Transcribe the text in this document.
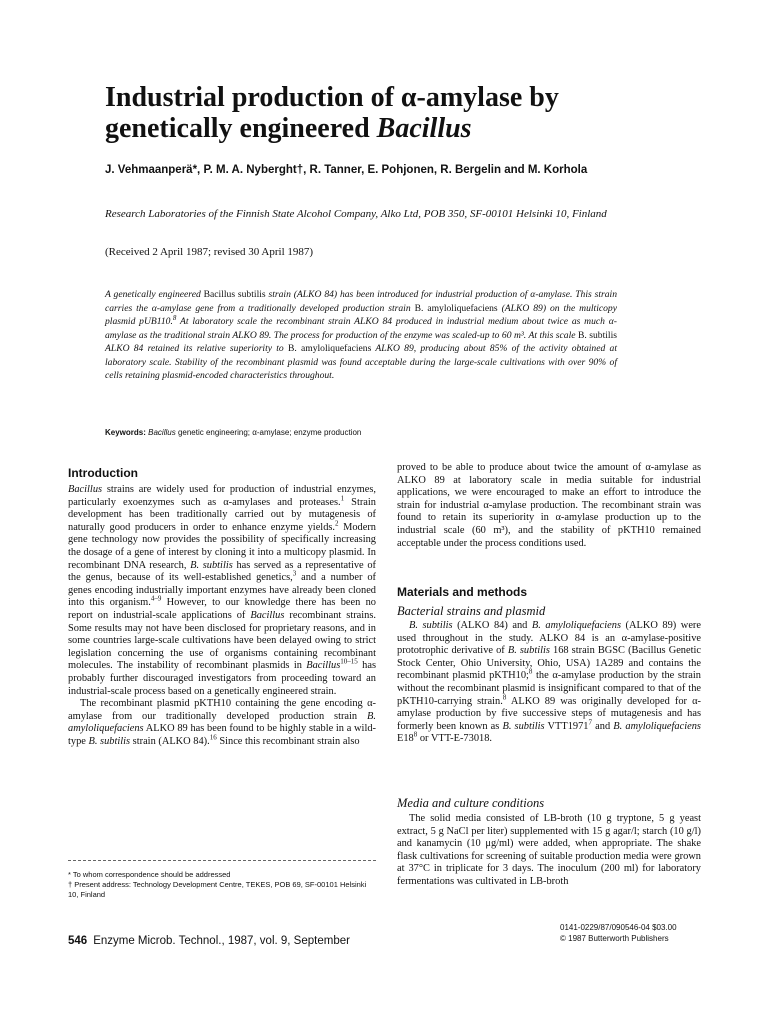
Industrial production of α-amylase by
genetically engineered Bacillus
J. Vehmaanperä*, P. M. A. Nyberght†, R. Tanner, E. Pohjonen, R. Bergelin and M. Korhola
Research Laboratories of the Finnish State Alcohol Company, Alko Ltd, POB 350, SF-00101 Helsinki 10, Finland
(Received 2 April 1987; revised 30 April 1987)

A genetically engineered Bacillus subtilis strain (ALKO 84) has been introduced for industrial production of α-amylase. This strain carries the α-amylase gene from a traditionally developed production strain B. amyloliquefaciens (ALKO 89) on the multicopy plasmid pUB110.$^8$ At laboratory scale the recombinant strain ALKO 84 produced in industrial medium about twice as much α-amylase as the traditional strain ALKO 89. The process for production of the enzyme was scaled-up to 60 m³. At this scale B. subtilis ALKO 84 retained its relative superiority to B. amyloliquefaciens ALKO 89, producing about 85% of the activity obtained at laboratory scale. Stability of the recombinant plasmid was found acceptable during the large-scale cultivations with over 90% of cells retaining plasmid-encoded characteristics throughout.

Keywords: Bacillus genetic engineering; α-amylase; enzyme production
Introduction

Bacillus strains are widely used for production of industrial enzymes, particularly exoenzymes such as α-amylases and proteases.$^1$ Strain development has been traditionally carried out by mutagenesis of naturally good producers in order to enhance enzyme yields.$^2$ Modern gene technology now provides the possibility of specifically increasing the dosage of a gene of interest by cloning it into a multicopy plasmid. In recombinant DNA research, B. subtilis has served as a representative of the genus, because of its well-established genetics,$^3$ and a number of genes encoding industrially important enzymes have already been cloned into this organism.$^{4-9}$ However, to our knowledge there has been no report on industrial-scale applications of Bacillus recombinant strains. Some results may not have been disclosed for proprietary reasons, and in some countries large-scale cultivations have been delayed owing to strict legislation concerning the use of organisms containing recombinant molecules. The instability of recombinant plasmids in Bacillus$^{10-15}$ has probably further discouraged investigators from proceeding toward an industrial-scale process based on a genetically engineered strain.

The recombinant plasmid pKTH10 containing the gene encoding α-amylase from our traditionally developed production strain B. amyloliquefaciens ALKO 89 has been found to be highly stable in a wild-type B. subtilis strain (ALKO 84).$^{16}$ Since this recombinant strain also

proved to be able to produce about twice the amount of α-amylase as ALKO 89 at laboratory scale in media suitable for industrial applications, we were encouraged to make an effort to introduce the strain for industrial α-amylase production. The recombinant strain was found to retain its superiority in α-amylase production up to the industrial scale (60 m³), and the stability of pKTH10 remained acceptable under the process conditions used.

Materials and methods
Bacterial strains and plasmid

B. subtilis (ALKO 84) and B. amyloliquefaciens (ALKO 89) were used throughout in the study. ALKO 84 is an α-amylase-positive prototrophic derivative of B. subtilis 168 strain BGSC (Bacillus Genetic Stock Center, Ohio University, Ohio, USA) 1A289 and contains the recombinant plasmid pKTH10;$^8$ the α-amylase production by the strain without the recombinant plasmid is insignificant compared to that of the pKTH10-carrying strain.$^8$ ALKO 89 was originally developed for α-amylase production by five successive steps of mutagenesis and has formerly been known as B. subtilis VTT1971$^7$ and B. amyloliquefaciens $E18^8$ or VTT-E-73018.

Media and culture conditions

The solid media consisted of LB-broth (10 g tryptone, 5 g yeast extract, 5 g NaCl per liter) supplemented with 15 g agar/l; starch (10 g/l) and kanamycin (10 μg/ml) were added, when appropriate. The shake flask cultivations for screening of suitable production media were grown at 37°C in triplicate for 3 days. The inoculum (200 ml) for laboratory fermentations was cultivated in LB-broth

* To whom correspondence should be addressed
† Present address: Technology Development Centre, TEKES, POB 69, SF-00101 Helsinki 10, Finland
546 Enzyme Microb. Technol., 1987, vol. 9, September
0141-0229/87/090546-04 $03.00
© 1987 Butterworth Publishers
